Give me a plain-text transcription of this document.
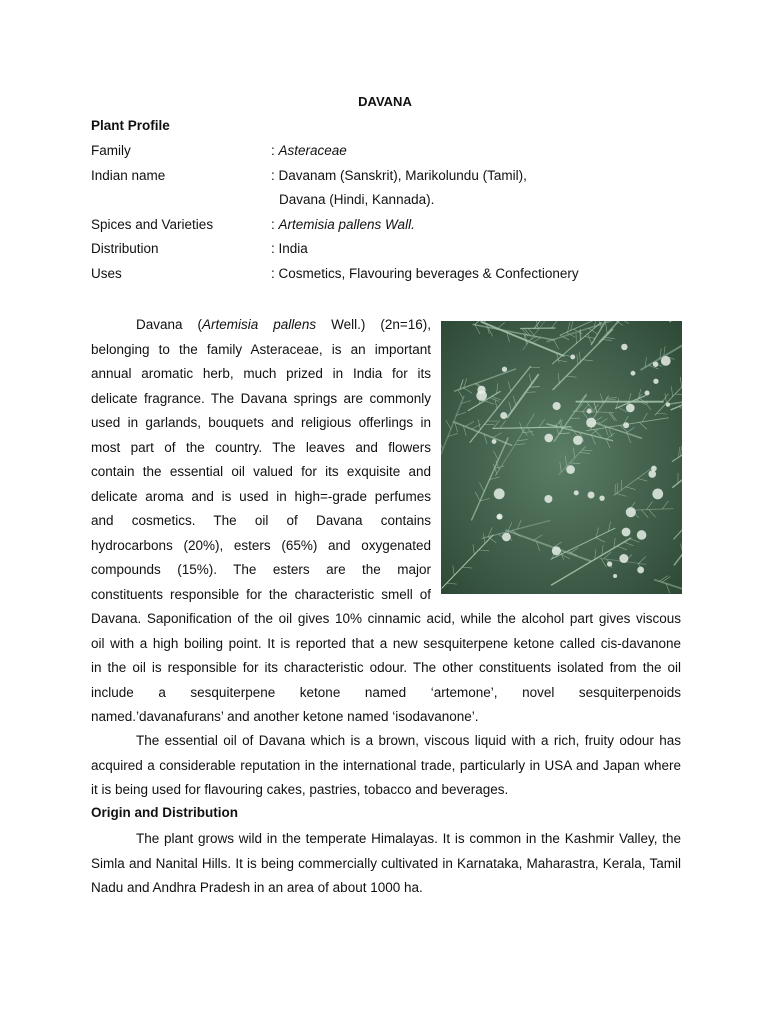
DAVANA
Plant Profile
Family	: Asteraceae
Indian name	: Davanam (Sanskrit), Marikolundu (Tamil),
Davana (Hindi, Kannada).
Spices and Varieties	: Artemisia pallens Wall.
Distribution	: India
Uses	: Cosmetics, Flavouring beverages & Confectionery
Davana (Artemisia pallens Well.) (2n=16),
belonging to the family Asteraceae, is an important
annual aromatic herb, much prized in India for its
delicate fragrance. The Davana springs are commonly
used in garlands, bouquets and religious offerlings in
most part of the country. The leaves and flowers
contain the essential oil valued for its exquisite and
delicate aroma and is used in high=-grade perfumes
and cosmetics. The oil of Davana contains
hydrocarbons (20%), esters (65%) and oxygenated
compounds (15%). The esters are the major
constituents responsible for the characteristic smell of
Davana. Saponification of the oil gives 10% cinnamic acid, while the alcohol part gives viscous
oil with a high boiling point. It is reported that a new sesquiterpene ketone called cis-davanone
in the oil is responsible for its characteristic odour. The other constituents isolated from the oil
include a sesquiterpene ketone named ‘artemone’, novel sesquiterpenoids
named.’davanafurans’ and another ketone named ‘isodavanone’.

The essential oil of Davana which is a brown, viscous liquid with a rich, fruity odour has acquired a considerable reputation in the international trade, particularly in USA and Japan where it is being used for flavouring cakes, pastries, tobacco and beverages.

Origin and Distribution

The plant grows wild in the temperate Himalayas. It is common in the Kashmir Valley, the Simla and Nanital Hills. It is being commercially cultivated in Karnataka, Maharastra, Kerala, Tamil Nadu and Andhra Pradesh in an area of about 1000 ha.
